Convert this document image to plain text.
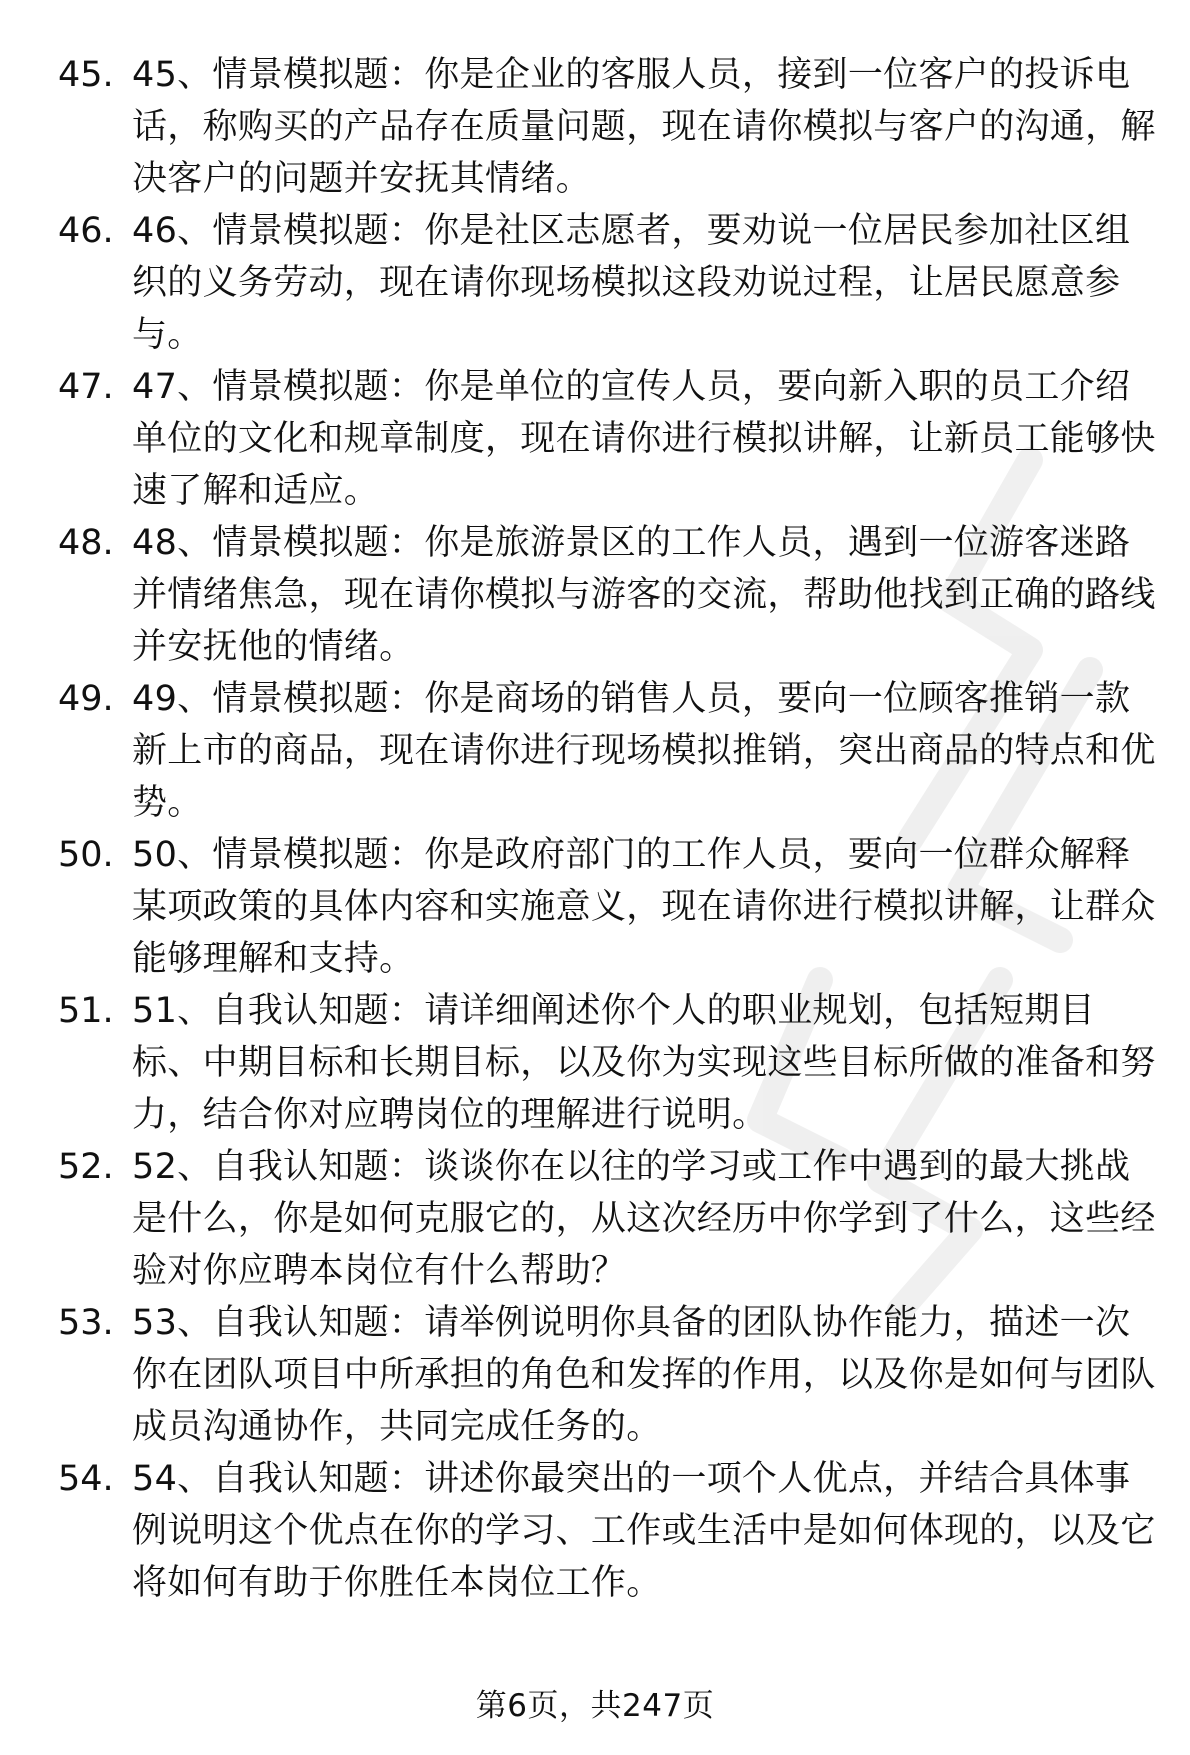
45. 45、情景模拟题：你是企业的客服人员，接到一位客户的投诉电话，称购买的产品存在质量问题，现在请你模拟与客户的沟通，解决客户的问题并安抚其情绪。
46. 46、情景模拟题：你是社区志愿者，要劝说一位居民参加社区组织的义务劳动，现在请你现场模拟这段劝说过程，让居民愿意参与。
47. 47、情景模拟题：你是单位的宣传人员，要向新入职的员工介绍单位的文化和规章制度，现在请你进行模拟讲解，让新员工能够快速了解和适应。
48. 48、情景模拟题：你是旅游景区的工作人员，遇到一位游客迷路并情绪焦急，现在请你模拟与游客的交流，帮助他找到正确的路线并安抚他的情绪。
49. 49、情景模拟题：你是商场的销售人员，要向一位顾客推销一款新上市的商品，现在请你进行现场模拟推销，突出商品的特点和优势。
50. 50、情景模拟题：你是政府部门的工作人员，要向一位群众解释某项政策的具体内容和实施意义，现在请你进行模拟讲解，让群众能够理解和支持。
51. 51、自我认知题：请详细阐述你个人的职业规划，包括短期目标、中期目标和长期目标，以及你为实现这些目标所做的准备和努力，结合你对应聘岗位的理解进行说明。
52. 52、自我认知题：谈谈你在以往的学习或工作中遇到的最大挑战是什么，你是如何克服它的，从这次经历中你学到了什么，这些经验对你应聘本岗位有什么帮助？
53. 53、自我认知题：请举例说明你具备的团队协作能力，描述一次你在团队项目中所承担的角色和发挥的作用，以及你是如何与团队成员沟通协作，共同完成任务的。
54. 54、自我认知题：讲述你最突出的一项个人优点，并结合具体事例说明这个优点在你的学习、工作或生活中是如何体现的，以及它将如何有助于你胜任本岗位工作。
第6页，共247页
